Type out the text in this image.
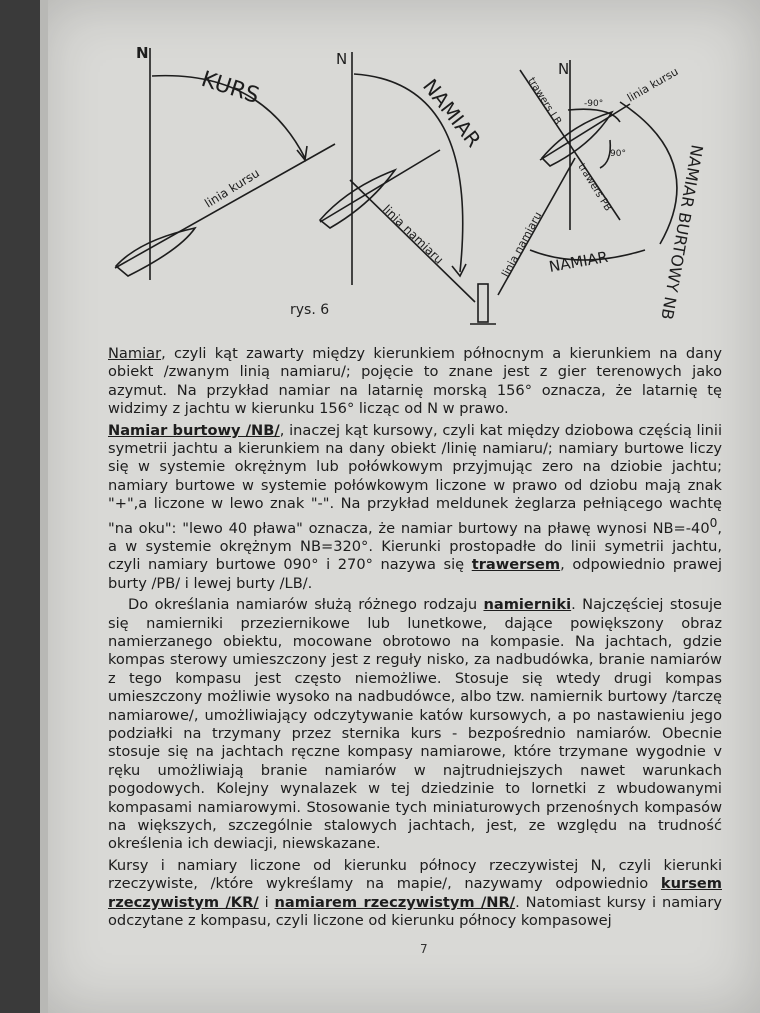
N
KURS
linia kursu
N
NAMIAR
linia namiaru
N	linia kursu
-90°
90°
trawers LB
trawers PB
linia namiaru	NAMIAR BURTOWY NB
NAMIAR
rys. 6

Namiar, czyli kąt zawarty między kierunkiem północnym a kierunkiem na dany obiekt /zwanym linią namiaru/; pojęcie to znane jest z gier terenowych jako azymut. Na przykład namiar na latarnię morską 156° oznacza, że latarnię tę widzimy z jachtu w kierunku 156° licząc od N w prawo.

Namiar burtowy /NB/, inaczej kąt kursowy, czyli kat między dziobowa częścią linii symetrii jachtu a kierunkiem na dany obiekt /linię namiaru/; namiary burtowe liczy się w systemie okrężnym lub połówkowym przyjmując zero na dziobie jachtu; namiary burtowe w systemie połówkowym liczone w prawo od dziobu mają znak "+",a liczone w lewo znak "-". Na przykład meldunek żeglarza pełniącego wachtę "na oku": "lewo 40 pława" oznacza, że namiar burtowy na pławę wynosi $NB=-40^0$, a w systemie okrężnym NB=320°. Kierunki prostopadłe do linii symetrii jachtu, czyli namiary burtowe 090° i 270° nazywa się trawersem, odpowiednio prawej burty /PB/ i lewej burty /LB/.

Do określania namiarów służą różnego rodzaju namierniki. Najczęściej stosuje się namierniki przeziernikowe lub lunetkowe, dające powiększony obraz namierzanego obiektu, mocowane obrotowo na kompasie. Na jachtach, gdzie kompas sterowy umieszczony jest z reguły nisko, za nadbudówka, branie namiarów z tego kompasu jest często niemożliwe. Stosuje się wtedy drugi kompas umieszczony możliwie wysoko na nadbudówce, albo tzw. namiernik burtowy /tarczę namiarowe/, umożliwiający odczytywanie katów kursowych, a po nastawieniu jego podziałki na trzymany przez sternika kurs - bezpośrednio namiarów. Obecnie stosuje się na jachtach ręczne kompasy namiarowe, które trzymane wygodnie v ręku umożliwiają branie namiarów w najtrudniejszych nawet warunkach pogodowych. Kolejny wynalazek w tej dziedzinie to lornetki z wbudowanymi kompasami namiarowymi. Stosowanie tych miniaturowych przenośnych kompasów na większych, szczególnie stalowych jachtach, jest, ze względu na trudność określenia ich dewiacji, niewskazane.

Kursy i namiary liczone od kierunku północy rzeczywistej N, czyli kierunki rzeczywiste, /które wykreślamy na mapie/, nazywamy odpowiednio kursem rzeczywistym /KR/ i namiarem rzeczywistym /NR/. Natomiast kursy i namiary odczytane z kompasu, czyli liczone od kierunku północy kompasowej

7
